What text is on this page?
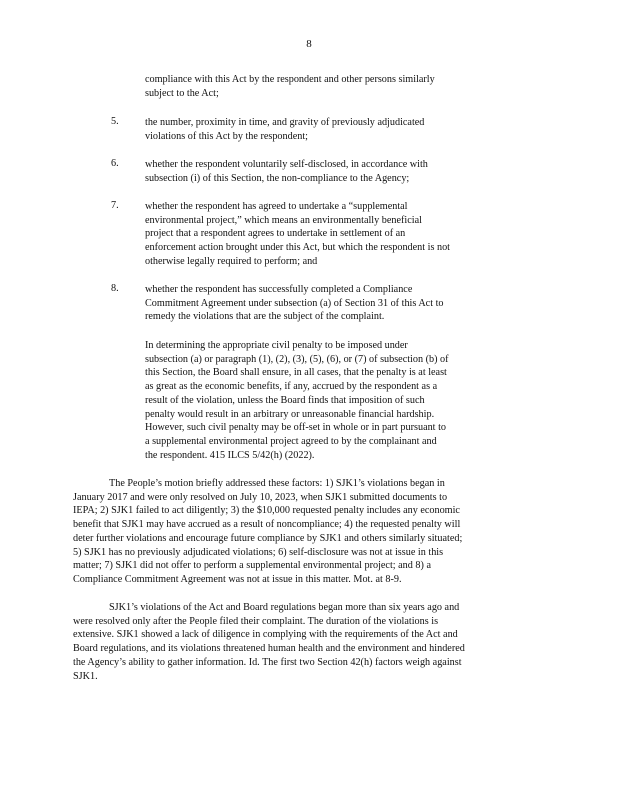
8
compliance with this Act by the respondent and other persons similarly
subject to the Act;
5.	the number, proximity in time, and gravity of previously adjudicated
violations of this Act by the respondent;
6.	whether the respondent voluntarily self-disclosed, in accordance with
subsection (i) of this Section, the non-compliance to the Agency;
7.	whether the respondent has agreed to undertake a “supplemental
environmental project,” which means an environmentally beneficial
project that a respondent agrees to undertake in settlement of an
enforcement action brought under this Act, but which the respondent is not
otherwise legally required to perform; and
8.	whether the respondent has successfully completed a Compliance
Commitment Agreement under subsection (a) of Section 31 of this Act to
remedy the violations that are the subject of the complaint.
In determining the appropriate civil penalty to be imposed under
subsection (a) or paragraph (1), (2), (3), (5), (6), or (7) of subsection (b) of
this Section, the Board shall ensure, in all cases, that the penalty is at least
as great as the economic benefits, if any, accrued by the respondent as a
result of the violation, unless the Board finds that imposition of such
penalty would result in an arbitrary or unreasonable financial hardship.
However, such civil penalty may be off-set in whole or in part pursuant to
a supplemental environmental project agreed to by the complainant and
the respondent. 415 ILCS 5/42(h) (2022).
The People’s motion briefly addressed these factors: 1) SJK1’s violations began in
January 2017 and were only resolved on July 10, 2023, when SJK1 submitted documents to
IEPA; 2) SJK1 failed to act diligently; 3) the $10,000 requested penalty includes any economic
benefit that SJK1 may have accrued as a result of noncompliance; 4) the requested penalty will
deter further violations and encourage future compliance by SJK1 and others similarly situated;
5) SJK1 has no previously adjudicated violations; 6) self-disclosure was not at issue in this
matter; 7) SJK1 did not offer to perform a supplemental environmental project; and 8) a
Compliance Commitment Agreement was not at issue in this matter. Mot. at 8-9.
SJK1’s violations of the Act and Board regulations began more than six years ago and
were resolved only after the People filed their complaint. The duration of the violations is
extensive. SJK1 showed a lack of diligence in complying with the requirements of the Act and
Board regulations, and its violations threatened human health and the environment and hindered
the Agency’s ability to gather information. Id. The first two Section 42(h) factors weigh against
SJK1.
